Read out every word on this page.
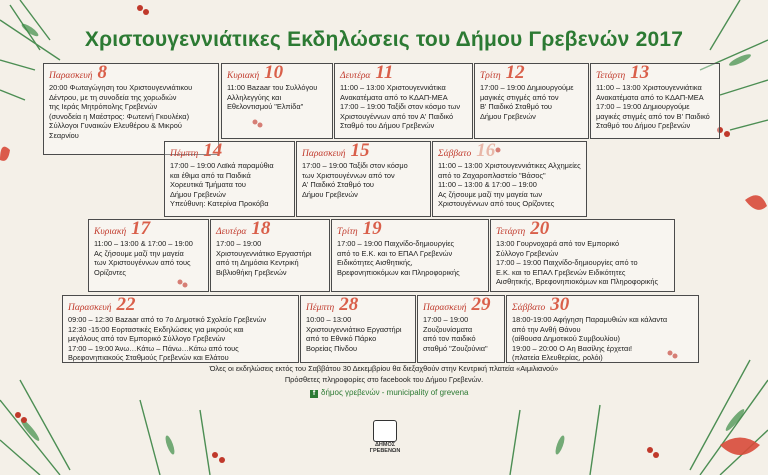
Χριστουγεννιάτικες Εκδηλώσεις του Δήμου Γρεβενών 2017
Παρασκευή 8
20:00 Φωταγώγηση του Χριστουγεννιάτικου
Δέντρου, με τη συνοδεία της χορωδιών
της Ιεράς Μητρόπολης Γρεβενών
(συνοδεία η Μαέστρος: Φωτεινή Γκουλέκα)
Σύλλογοι Γυναικών Ελευθέρου & Μικρού Σεαρνίου
Κυριακή 10
11:00 Bazaar του Συλλόγου
Αλληλεγγύης και
Εθελοντισμού "Ελπίδα"
Δευτέρα 11
11:00 – 13:00 Χριστουγεννιάτικα
Ανακατέματα από το ΚΔΑΠ-ΜΕΑ
17:00 – 19:00 Ταξίδι στον κόσμο των
Χριστουγέννων από τον Α' Παιδικό
Σταθμό του Δήμου Γρεβενών
Τρίτη 12
17:00 – 19:00 Δημιουργούμε
μαγικές στιγμές από τον
Β' Παιδικό Σταθμό του
Δήμου Γρεβενών
Τετάρτη 13
11:00 – 13:00 Χριστουγεννιάτικα
Ανακατέματα από το ΚΔΑΠ-ΜΕΑ
17:00 – 19:00 Δημιουργούμε
μαγικές στιγμές από τον Β' Παιδικό
Σταθμό του Δήμου Γρεβενών
Πέμπτη 14
17:00 – 19:00 Λαϊκά παραμύθια
και έθιμα από τα Παιδικά
Χορευτικά Τμήματα του
Δήμου Γρεβενών
Υπεύθυνη: Κατερίνα Προκόβα
Παρασκευή 15
17:00 – 19:00 Ταξίδι στον κόσμο
των Χριστουγέννων από τον
Α' Παιδικό Σταθμό του
Δήμου Γρεβενών
Σάββατο 16
11:00 – 13:00 Χριστουγεννιάτικες Αλχημείες
από το Ζαχαροπλαστείο "Βάσος"
11:00 – 13:00 & 17:00 – 19:00
Ας ζήσουμε μαζί την μαγεία των
Χριστουγέννων από τους Ορίζοντες
Κυριακή 17
11:00 – 13:00 & 17:00 – 19:00
Ας ζήσουμε μαζί την μαγεία
των Χριστουγέννων από τους
Ορίζοντες
Δευτέρα 18
17:00 – 19:00
Χριστουγεννιάτικο Εργαστήρι
από τη Δημόσια Κεντρική
Βιβλιοθήκη Γρεβενών
Τρίτη 19
17:00 – 19:00 Παιχνίδο-δημιουργίες
από το Ε.Κ. και το ΕΠΑΛ Γρεβενών
Ειδικότητες Αισθητικής,
Βρεφονηπιοκόμων και Πληροφορικής
Τετάρτη 20
13:00 Γουρνοχαρά από τον Εμπορικό
Σύλλογο Γρεβενών
17:00 – 19:00 Παιχνίδο-δημιουργίες από το
Ε.Κ. και το ΕΠΑΛ Γρεβενών Ειδικότητες
Αισθητικής, Βρεφονηπιοκόμων και Πληροφορικής
Παρασκευή 22
09:00 – 12:30 Bazaar από το 7ο Δημοτικό Σχολείο Γρεβενών
12:30 -15:00 Εορταστικές Εκδηλώσεις για μικρούς και
μεγάλους από τον Εμπορικό Σύλλογο Γρεβενών
17:00 – 19:00 Άνω…Κάτω – Πάνω…Κάτω από τους
Βρεφονηπιακούς Σταθμούς Γρεβενών και Ελάτου
Πέμπτη 28
10:00 – 13:00
Χριστουγεννιάτικο Εργαστήρι
από το Εθνικό Πάρκο
Βορείας Πίνδου
Παρασκευή 29
17:00 – 19:00
Ζουζουνίσματα
από τον παιδικό
σταθμό "Ζουζούνια"
Σάββατο 30
18:00-19:00 Αφήγηση Παραμυθιών και κάλαντα
από την Ανθή Θάνου
(αίθουσα Δημοτικού Συμβουλίου)
19:00 – 20:00 Ο Αη Βασίλης έρχεται!
(πλατεία Ελευθερίας, ρολόι)
Όλες οι εκδηλώσεις εκτός του Σαββάτου 30 Δεκεμβρίου θα διεξαχθούν στην Κεντρική πλατεία «Αιμιλιανού»
Πρόσθετες πληροφορίες στο facebook του Δήμου Γρεβενών.
f δήμος γρεβενών - municipality of grevena
ΔΗΜΟΣ ΓΡΕΒΕΝΩΝ
